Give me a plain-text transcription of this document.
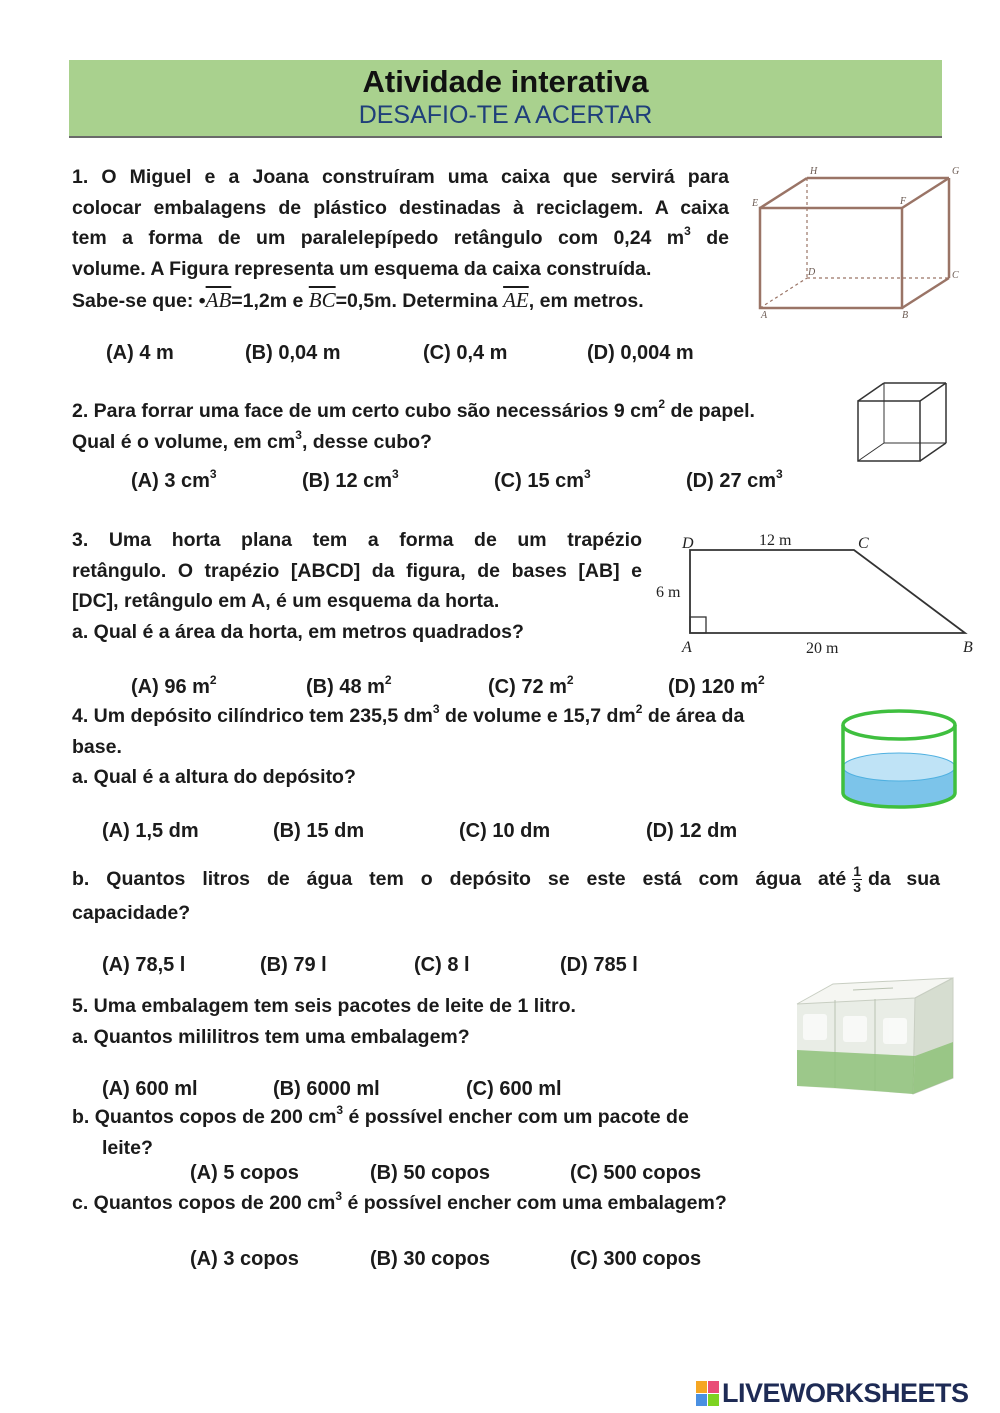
Atividade interativa
DESAFIO-TE A ACERTAR
1. O Miguel e a Joana construíram uma caixa que servirá para
colocar embalagens de plástico destinadas à reciclagem. A caixa
tem a forma de um paralelepípedo retângulo com 0,24 $m^3$ de
volume. A Figura representa um esquema da caixa construída.
Sabe-se que: $•\overline{AB}=1,2m$ e $\overline{BC}=0,5m$. Determina $\overline{AE}$, em metros.
(A) 4 m	(B) 0,04 m	(C) 0,4 m	(D) 0,004 m
H	G
E	F
D	C
A	B
2. Para forrar uma face de um certo cubo são necessários 9 $cm^2$ de papel.
Qual é o volume, em $cm^3$, desse cubo?
(A) 3 $cm^3$	(B) 12 $cm^3$	(C) 15 $cm^3$	(D) 27 $cm^3$
3. Uma horta plana tem a forma de um trapézio
retângulo. O trapézio [ABCD] da figura, de bases [AB] e
[DC], retângulo em A, é um esquema da horta.
a. Qual é a área da horta, em metros quadrados?
(A) 96 $m^2$	(B) 48 $m^2$	(C) 72 $m^2$	(D) 120 $m^2$
D	C
A	B
12 m
6 m
20 m
4. Um depósito cilíndrico tem 235,5 $dm^3$ de volume e 15,7 $dm^2$ de área da
base.
a. Qual é a altura do depósito?
(A) 1,5 dm	(B) 15 dm	(C) 10 dm	(D) 12 dm
b. Quantos litros de água tem o depósito se este está com água até $\frac{1}{3}$ da sua
capacidade?
(A) 78,5 l	(B) 79 l	(C) 8 l	(D) 785 l
5. Uma embalagem tem seis pacotes de leite de 1 litro.
a. Quantos mililitros tem uma embalagem?
(A) 600 ml	(B) 6000 ml	(C) 600 ml
b. Quantos copos de 200 $cm^3$ é possível encher com um pacote de
leite?
(A) 5 copos	(B) 50 copos	(C) 500 copos
c. Quantos copos de 200 $cm^3$ é possível encher com uma embalagem?
(A) 3 copos	(B) 30 copos	(C) 300 copos
LIVEWORKSHEETS
